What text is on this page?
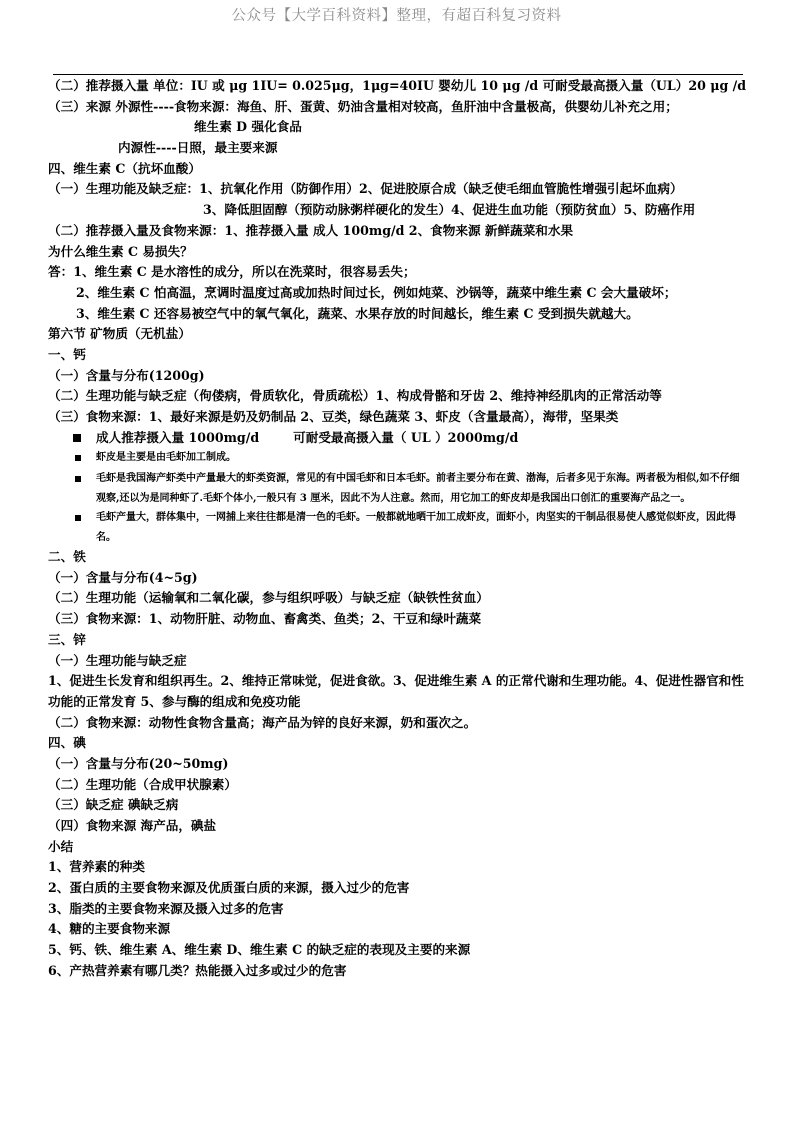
公众号【大学百科资料】整理，有超百科复习资料
（二）推荐摄入量 单位：IU 或 μg 1IU= 0.025μg，1μg=40IU 婴幼儿 10 μg /d 可耐受最高摄入量（UL）20 μg /d
（三）来源 外源性----食物来源：海鱼、肝、蛋黄、奶油含量相对较高，鱼肝油中含量极高，供婴幼儿补充之用；
维生素 D 强化食品
内源性----日照，最主要来源
四、维生素 C（抗坏血酸）
（一）生理功能及缺乏症：1、抗氧化作用（防御作用）2、促进胶原合成（缺乏使毛细血管脆性增强引起坏血病）
3、降低胆固醇（预防动脉粥样硬化的发生）4、促进生血功能（预防贫血）5、防癌作用
（二）推荐摄入量及食物来源：1、推荐摄入量 成人 100mg/d 2、食物来源 新鲜蔬菜和水果
为什么维生素 C 易损失？
答：1、维生素 C 是水溶性的成分，所以在洗菜时，很容易丢失；
2、维生素 C 怕高温，烹调时温度过高或加热时间过长，例如炖菜、沙锅等，蔬菜中维生素 C 会大量破坏；
3、维生素 C 还容易被空气中的氧气氧化，蔬菜、水果存放的时间越长，维生素 C 受到损失就越大。
第六节 矿物质（无机盐）
一、钙
（一）含量与分布(1200g)
（二）生理功能与缺乏症（佝偻病，骨质软化，骨质疏松）1、构成骨骼和牙齿 2、维持神经肌肉的正常活动等
（三）食物来源：1、最好来源是奶及奶制品 2、豆类，绿色蔬菜 3、虾皮（含量最高），海带，坚果类
成人推荐摄入量 1000mg/d	可耐受最高摄入量（ UL ）2000mg/d
虾皮是主要是由毛虾加工制成。
毛虾是我国海产虾类中产量最大的虾类资源，常见的有中国毛虾和日本毛虾。前者主要分布在黄、渤海，后者多见于东海。两者极为相似,如不仔细观察,还以为是同种虾了.毛虾个体小,一般只有 3 厘米，因此不为人注意。然而，用它加工的虾皮却是我国出口创汇的重要海产品之一。
毛虾产量大，群体集中，一网捕上来往往都是清一色的毛虾。一般都就地晒干加工成虾皮，面虾小，肉坚实的干制品很易使人感觉似虾皮，因此得名。
二、铁
（一）含量与分布(4~5g)
（二）生理功能（运输氧和二氧化碳，参与组织呼吸）与缺乏症（缺铁性贫血）
（三）食物来源：1、动物肝脏、动物血、畜禽类、鱼类；2、干豆和绿叶蔬菜
三、锌
（一）生理功能与缺乏症
1、促进生长发育和组织再生。2、维持正常味觉，促进食欲。3、促进维生素 A 的正常代谢和生理功能。4、促进性器官和性功能的正常发育 5、参与酶的组成和免疫功能
（二）食物来源：动物性食物含量高；海产品为锌的良好来源，奶和蛋次之。
四、碘
（一）含量与分布(20~50mg)
（二）生理功能（合成甲状腺素）
（三）缺乏症 碘缺乏病
（四）食物来源 海产品，碘盐
小结
1、营养素的种类
2、蛋白质的主要食物来源及优质蛋白质的来源，摄入过少的危害
3、脂类的主要食物来源及摄入过多的危害
4、糖的主要食物来源
5、钙、铁、维生素 A、维生素 D、维生素 C 的缺乏症的表现及主要的来源
6、产热营养素有哪几类？热能摄入过多或过少的危害
